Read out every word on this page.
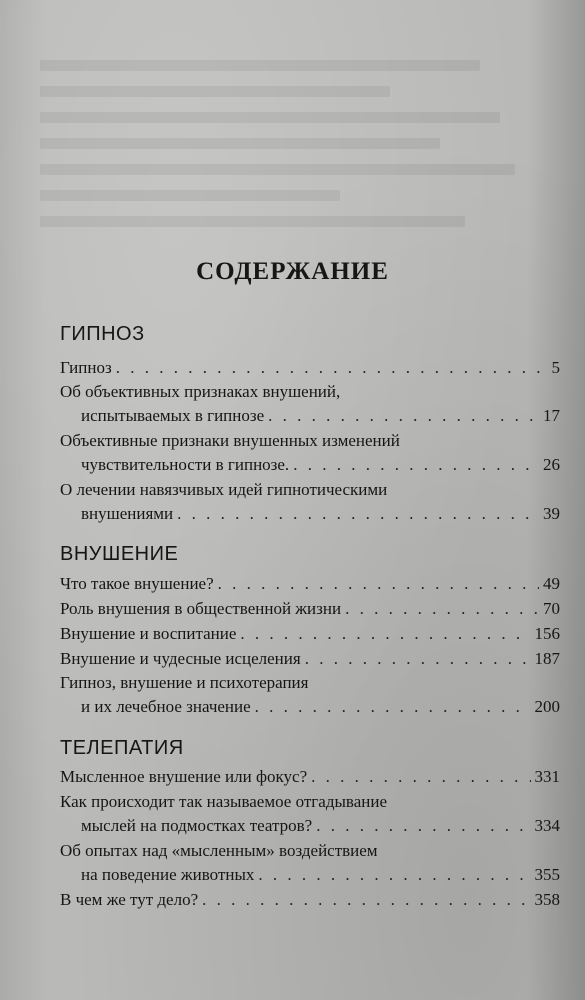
СОДЕРЖАНИЕ
ГИПНОЗ
Гипноз . . .	5
Об объективных признаках внушений,
испытываемых в гипнозе . . .	17
Объективные признаки внушенных изменений
чувствительности в гипнозе. . . .	26
О лечении навязчивых идей гипнотическими
внушениями . . .	39
ВНУШЕНИЕ
Что такое внушение? . . .	49
Роль внушения в общественной жизни . . .	70
Внушение и воспитание . . .	156
Внушение и чудесные исцеления . . .	187
Гипноз, внушение и психотерапия
и их лечебное значение . . .	200
ТЕЛЕПАТИЯ
Мысленное внушение или фокус? . . .	331
Как происходит так называемое отгадывание
мыслей на подмостках театров? . . .	334
Об опытах над «мысленным» воздействием
на поведение животных . . .	355
В чем же тут дело? . . .	358
